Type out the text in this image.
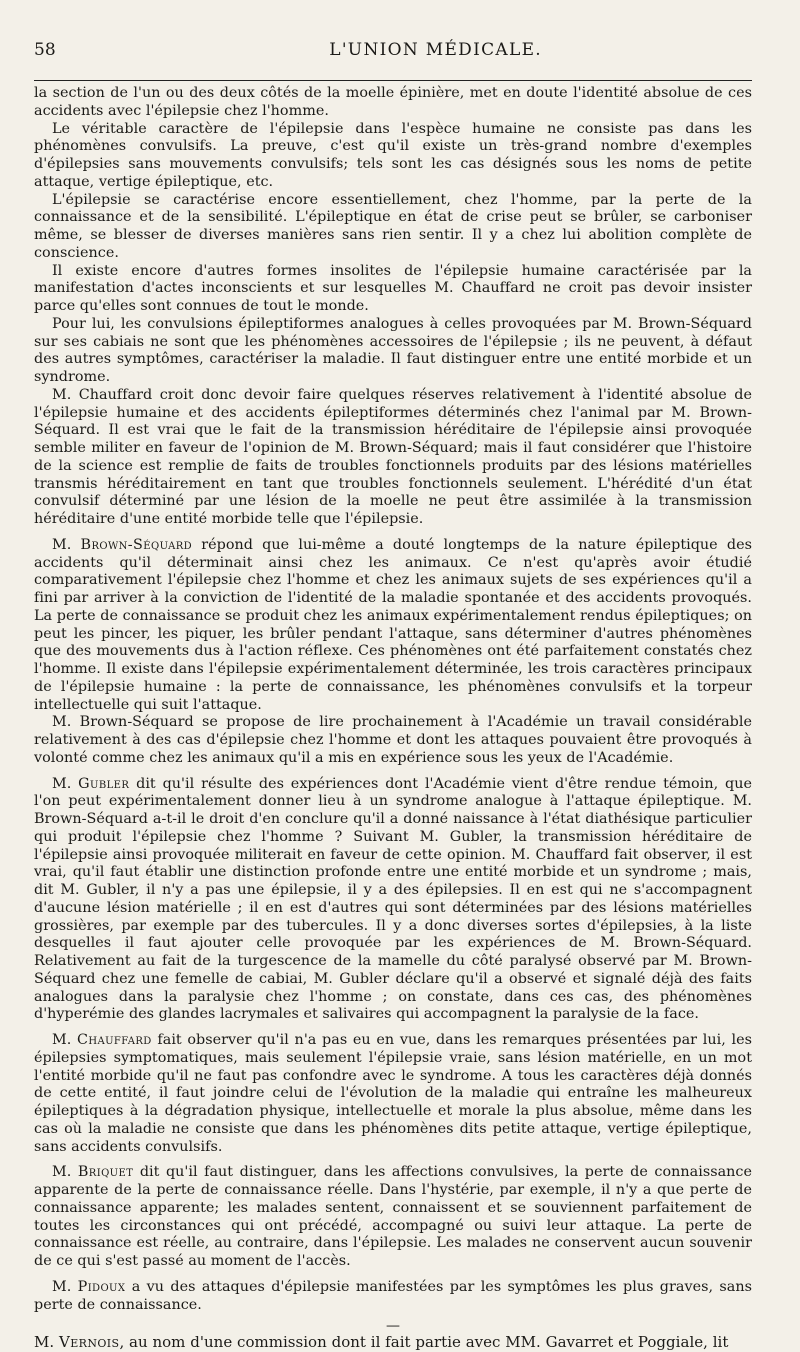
58	L'UNION MÉDICALE.

la section de l'un ou des deux côtés de la moelle épinière, met en doute l'identité absolue de ces accidents avec l'épilepsie chez l'homme.

Le véritable caractère de l'épilepsie dans l'espèce humaine ne consiste pas dans les phénomènes convulsifs. La preuve, c'est qu'il existe un très-grand nombre d'exemples d'épilepsies sans mouvements convulsifs; tels sont les cas désignés sous les noms de petite attaque, vertige épileptique, etc.

L'épilepsie se caractérise encore essentiellement, chez l'homme, par la perte de la connaissance et de la sensibilité. L'épileptique en état de crise peut se brûler, se carboniser même, se blesser de diverses manières sans rien sentir. Il y a chez lui abolition complète de conscience.

Il existe encore d'autres formes insolites de l'épilepsie humaine caractérisée par la manifestation d'actes inconscients et sur lesquelles M. Chauffard ne croit pas devoir insister parce qu'elles sont connues de tout le monde.

Pour lui, les convulsions épileptiformes analogues à celles provoquées par M. Brown-Séquard sur ses cabiais ne sont que les phénomènes accessoires de l'épilepsie ; ils ne peuvent, à défaut des autres symptômes, caractériser la maladie. Il faut distinguer entre une entité morbide et un syndrome.

M. Chauffard croit donc devoir faire quelques réserves relativement à l'identité absolue de l'épilepsie humaine et des accidents épileptiformes déterminés chez l'animal par M. Brown-Séquard. Il est vrai que le fait de la transmission héréditaire de l'épilepsie ainsi provoquée semble militer en faveur de l'opinion de M. Brown-Séquard; mais il faut considérer que l'histoire de la science est remplie de faits de troubles fonctionnels produits par des lésions matérielles transmis héréditairement en tant que troubles fonctionnels seulement. L'hérédité d'un état convulsif déterminé par une lésion de la moelle ne peut être assimilée à la transmission héréditaire d'une entité morbide telle que l'épilepsie.

M. Brown-Séquard répond que lui-même a douté longtemps de la nature épileptique des accidents qu'il déterminait ainsi chez les animaux. Ce n'est qu'après avoir étudié comparativement l'épilepsie chez l'homme et chez les animaux sujets de ses expériences qu'il a fini par arriver à la conviction de l'identité de la maladie spontanée et des accidents provoqués. La perte de connaissance se produit chez les animaux expérimentalement rendus épileptiques; on peut les pincer, les piquer, les brûler pendant l'attaque, sans déterminer d'autres phénomènes que des mouvements dus à l'action réflexe. Ces phénomènes ont été parfaitement constatés chez l'homme. Il existe dans l'épilepsie expérimentalement déterminée, les trois caractères principaux de l'épilepsie humaine : la perte de connaissance, les phénomènes convulsifs et la torpeur intellectuelle qui suit l'attaque.

M. Brown-Séquard se propose de lire prochainement à l'Académie un travail considérable relativement à des cas d'épilepsie chez l'homme et dont les attaques pouvaient être provoqués à volonté comme chez les animaux qu'il a mis en expérience sous les yeux de l'Académie.

M. Gubler dit qu'il résulte des expériences dont l'Académie vient d'être rendue témoin, que l'on peut expérimentalement donner lieu à un syndrome analogue à l'attaque épileptique. M. Brown-Séquard a-t-il le droit d'en conclure qu'il a donné naissance à l'état diathésique particulier qui produit l'épilepsie chez l'homme ? Suivant M. Gubler, la transmission héréditaire de l'épilepsie ainsi provoquée militerait en faveur de cette opinion. M. Chauffard fait observer, il est vrai, qu'il faut établir une distinction profonde entre une entité morbide et un syndrome ; mais, dit M. Gubler, il n'y a pas une épilepsie, il y a des épilepsies. Il en est qui ne s'accompagnent d'aucune lésion matérielle ; il en est d'autres qui sont déterminées par des lésions matérielles grossières, par exemple par des tubercules. Il y a donc diverses sortes d'épilepsies, à la liste desquelles il faut ajouter celle provoquée par les expériences de M. Brown-Séquard. Relativement au fait de la turgescence de la mamelle du côté paralysé observé par M. Brown-Séquard chez une femelle de cabiai, M. Gubler déclare qu'il a observé et signalé déjà des faits analogues dans la paralysie chez l'homme ; on constate, dans ces cas, des phénomènes d'hyperémie des glandes lacrymales et salivaires qui accompagnent la paralysie de la face.

M. Chauffard fait observer qu'il n'a pas eu en vue, dans les remarques présentées par lui, les épilepsies symptomatiques, mais seulement l'épilepsie vraie, sans lésion matérielle, en un mot l'entité morbide qu'il ne faut pas confondre avec le syndrome. A tous les caractères déjà donnés de cette entité, il faut joindre celui de l'évolution de la maladie qui entraîne les malheureux épileptiques à la dégradation physique, intellectuelle et morale la plus absolue, même dans les cas où la maladie ne consiste que dans les phénomènes dits petite attaque, vertige épileptique, sans accidents convulsifs.

M. Briquet dit qu'il faut distinguer, dans les affections convulsives, la perte de connaissance apparente de la perte de connaissance réelle. Dans l'hystérie, par exemple, il n'y a que perte de connaissance apparente; les malades sentent, connaissent et se souviennent parfaitement de toutes les circonstances qui ont précédé, accompagné ou suivi leur attaque. La perte de connaissance est réelle, au contraire, dans l'épilepsie. Les malades ne conservent aucun souvenir de ce qui s'est passé au moment de l'accès.

M. Pidoux a vu des attaques d'épilepsie manifestées par les symptômes les plus graves, sans perte de connaissance.

—

M. Vernois, au nom d'une commission dont il fait partie avec MM. Gavarret et Poggiale, lit
